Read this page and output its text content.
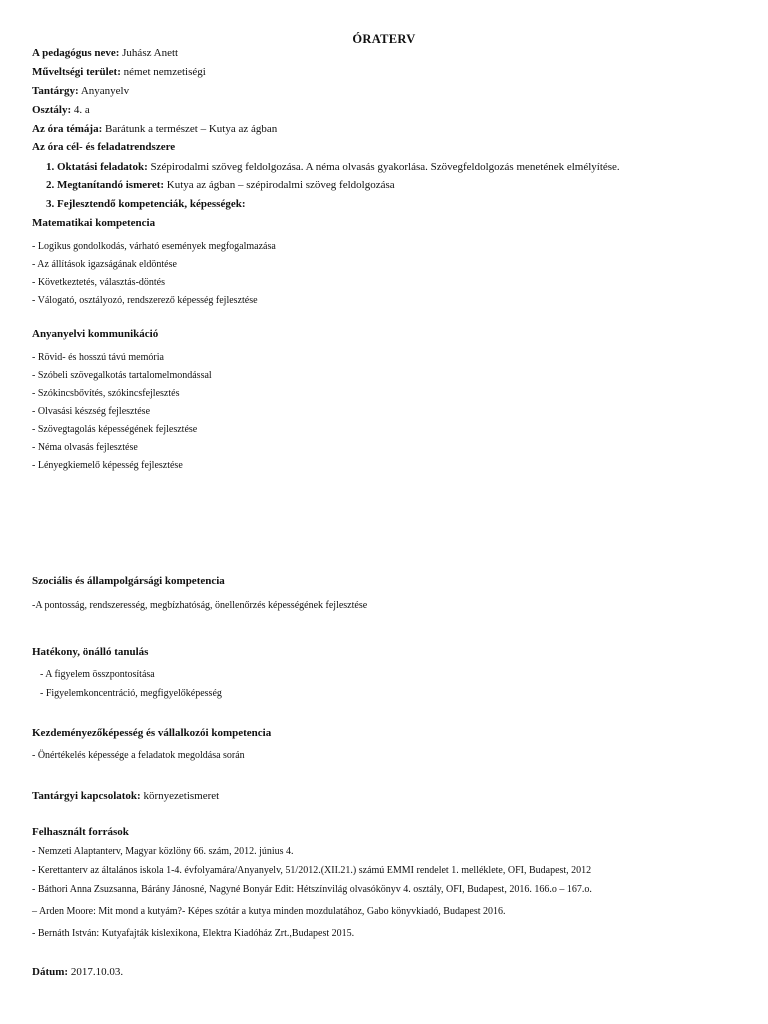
ÓRATERV
A pedagógus neve: Juhász Anett
Műveltségi terület: német nemzetiségi
Tantárgy: Anyanyelv
Osztály: 4. a
Az óra témája: Barátunk a természet – Kutya az ágban
Az óra cél- és feladatrendszere
1. Oktatási feladatok: Szépirodalmi szöveg feldolgozása. A néma olvasás gyakorlása. Szövegfeldolgozás menetének elmélyítése.
2. Megtanítandó ismeret: Kutya az ágban – szépirodalmi szöveg feldolgozása
3. Fejlesztendő kompetenciák, képességek:
Matematikai kompetencia
- Logikus gondolkodás, várható események megfogalmazása
- Az állítások igazságának eldöntése
- Következtetés, választás-döntés
- Válogató, osztályozó, rendszerező képesség fejlesztése
Anyanyelvi kommunikáció
- Rövid- és hosszú távú memória
- Szóbeli szövegalkotás tartalomelmondással
- Szókincsbővítés, szókincsfejlesztés
- Olvasási készség fejlesztése
- Szövegtagolás képességének fejlesztése
- Néma olvasás fejlesztése
- Lényegkiemelő képesség fejlesztése
Szociális és állampolgársági kompetencia
-A pontosság, rendszeresség, megbízhatóság, önellenőrzés képességének fejlesztése
Hatékony, önálló tanulás
- A figyelem összpontosítása
- Figyelemkoncentráció, megfigyelőképesség
Kezdeményezőképesség és vállalkozói kompetencia
- Önértékelés képessége a feladatok megoldása során
Tantárgyi kapcsolatok: környezetismeret
Felhasznált források
- Nemzeti Alaptanterv, Magyar közlöny 66. szám, 2012. június 4.
- Kerettanterv az általános iskola 1-4. évfolyamára/Anyanyelv, 51/2012.(XII.21.) számú EMMI rendelet 1. melléklete, OFI, Budapest, 2012
- Báthori Anna Zsuzsanna, Bárány Jánosné, Nagyné Bonyár Edit: Hétszínvilág olvasókönyv 4. osztály, OFI, Budapest, 2016. 166.o – 167.o.
– Arden Moore: Mit mond a kutyám?- Képes szótár a kutya minden mozdulatához, Gabo könyvkiadó, Budapest 2016.
- Bernáth István: Kutyafajták kislexikona, Elektra Kiadóház Zrt.,Budapest 2015.
Dátum: 2017.10.03.
